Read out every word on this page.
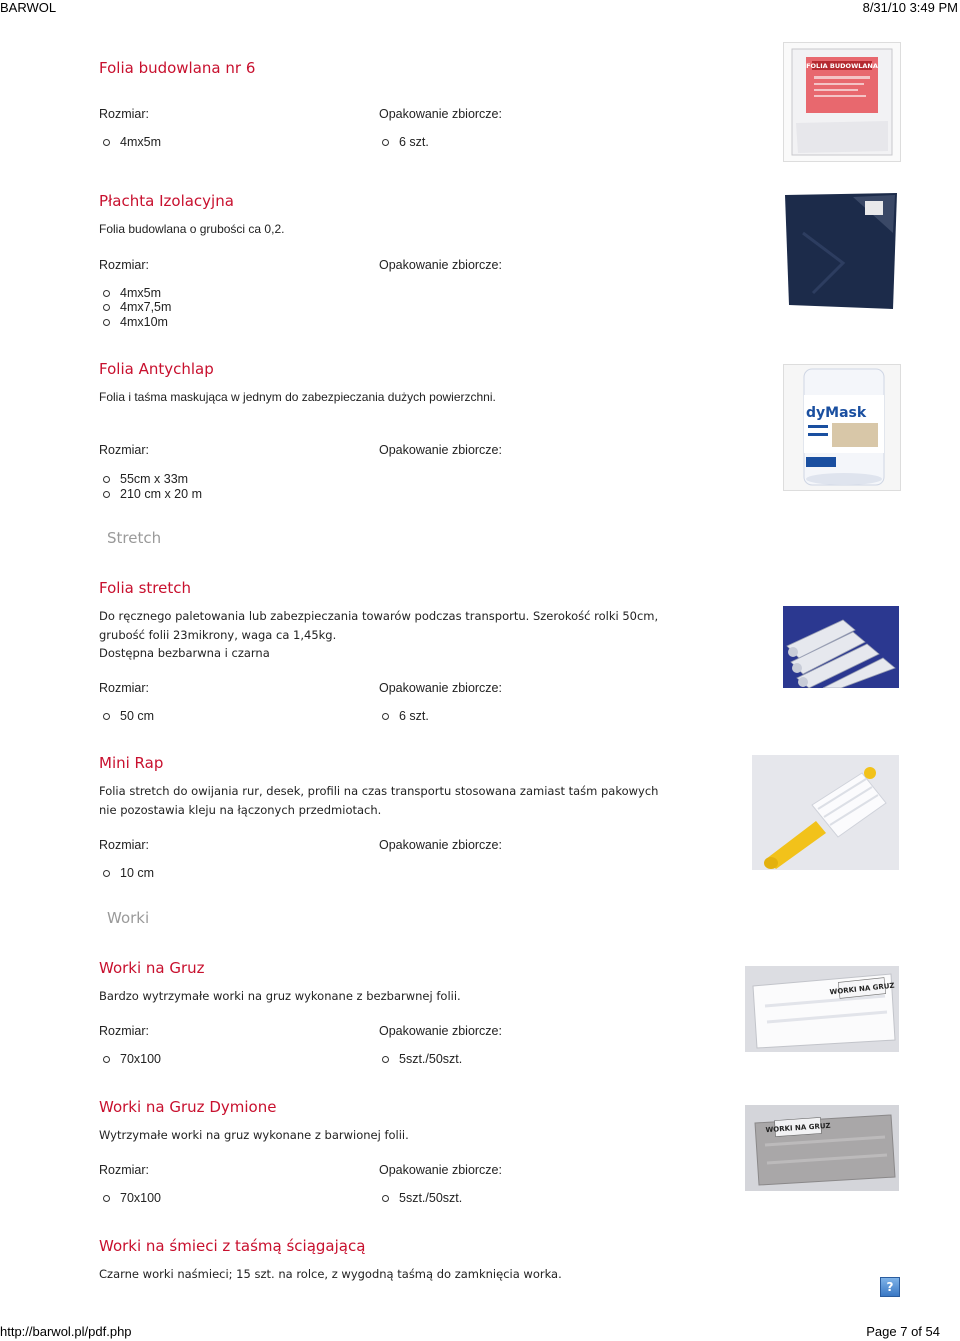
BARWOL	8/31/10 3:49 PM
Folia budowlana nr 6
Rozmiar:	Opakowanie zbiorcze:
4mx5m	6 szt.
FOLIA BUDOWLANA
Płachta Izolacyjna
Folia budowlana o grubości ca 0,2.
Rozmiar:	Opakowanie zbiorcze:
4mx5m
4mx7,5m
4mx10m
Folia Antychlap
Folia i taśma maskująca w jednym do zabezpieczania dużych powierzchni.
Rozmiar:	Opakowanie zbiorcze:
55cm x 33m
210 cm x 20 m
dyMask
Stretch
Folia stretch
Do ręcznego paletowania lub zabezpieczania towarów podczas transportu. Szerokość rolki 50cm, grubość folii 23mikrony, waga ca 1,45kg.
Dostępna bezbarwna i czarna
Rozmiar:	Opakowanie zbiorcze:
50 cm	6 szt.
Mini Rap
Folia stretch do owijania rur, desek, profili na czas transportu stosowana zamiast taśm pakowych nie pozostawia kleju na łączonych przedmiotach.
Rozmiar:	Opakowanie zbiorcze:
10 cm
Worki
Worki na Gruz
Bardzo wytrzymałe worki na gruz wykonane z bezbarwnej folii.
Rozmiar:	Opakowanie zbiorcze:
70x100	5szt./50szt.
WORKI NA GRUZ
Worki na Gruz Dymione
Wytrzymałe worki na gruz wykonane z barwionej folii.
Rozmiar:	Opakowanie zbiorcze:
70x100	5szt./50szt.
WORKI NA GRUZ
Worki na śmieci z taśmą ściągającą
Czarne worki naśmieci; 15 szt. na rolce, z wygodną taśmą do zamknięcia worka.
?
http://barwol.pl/pdf.php	Page 7 of 54
